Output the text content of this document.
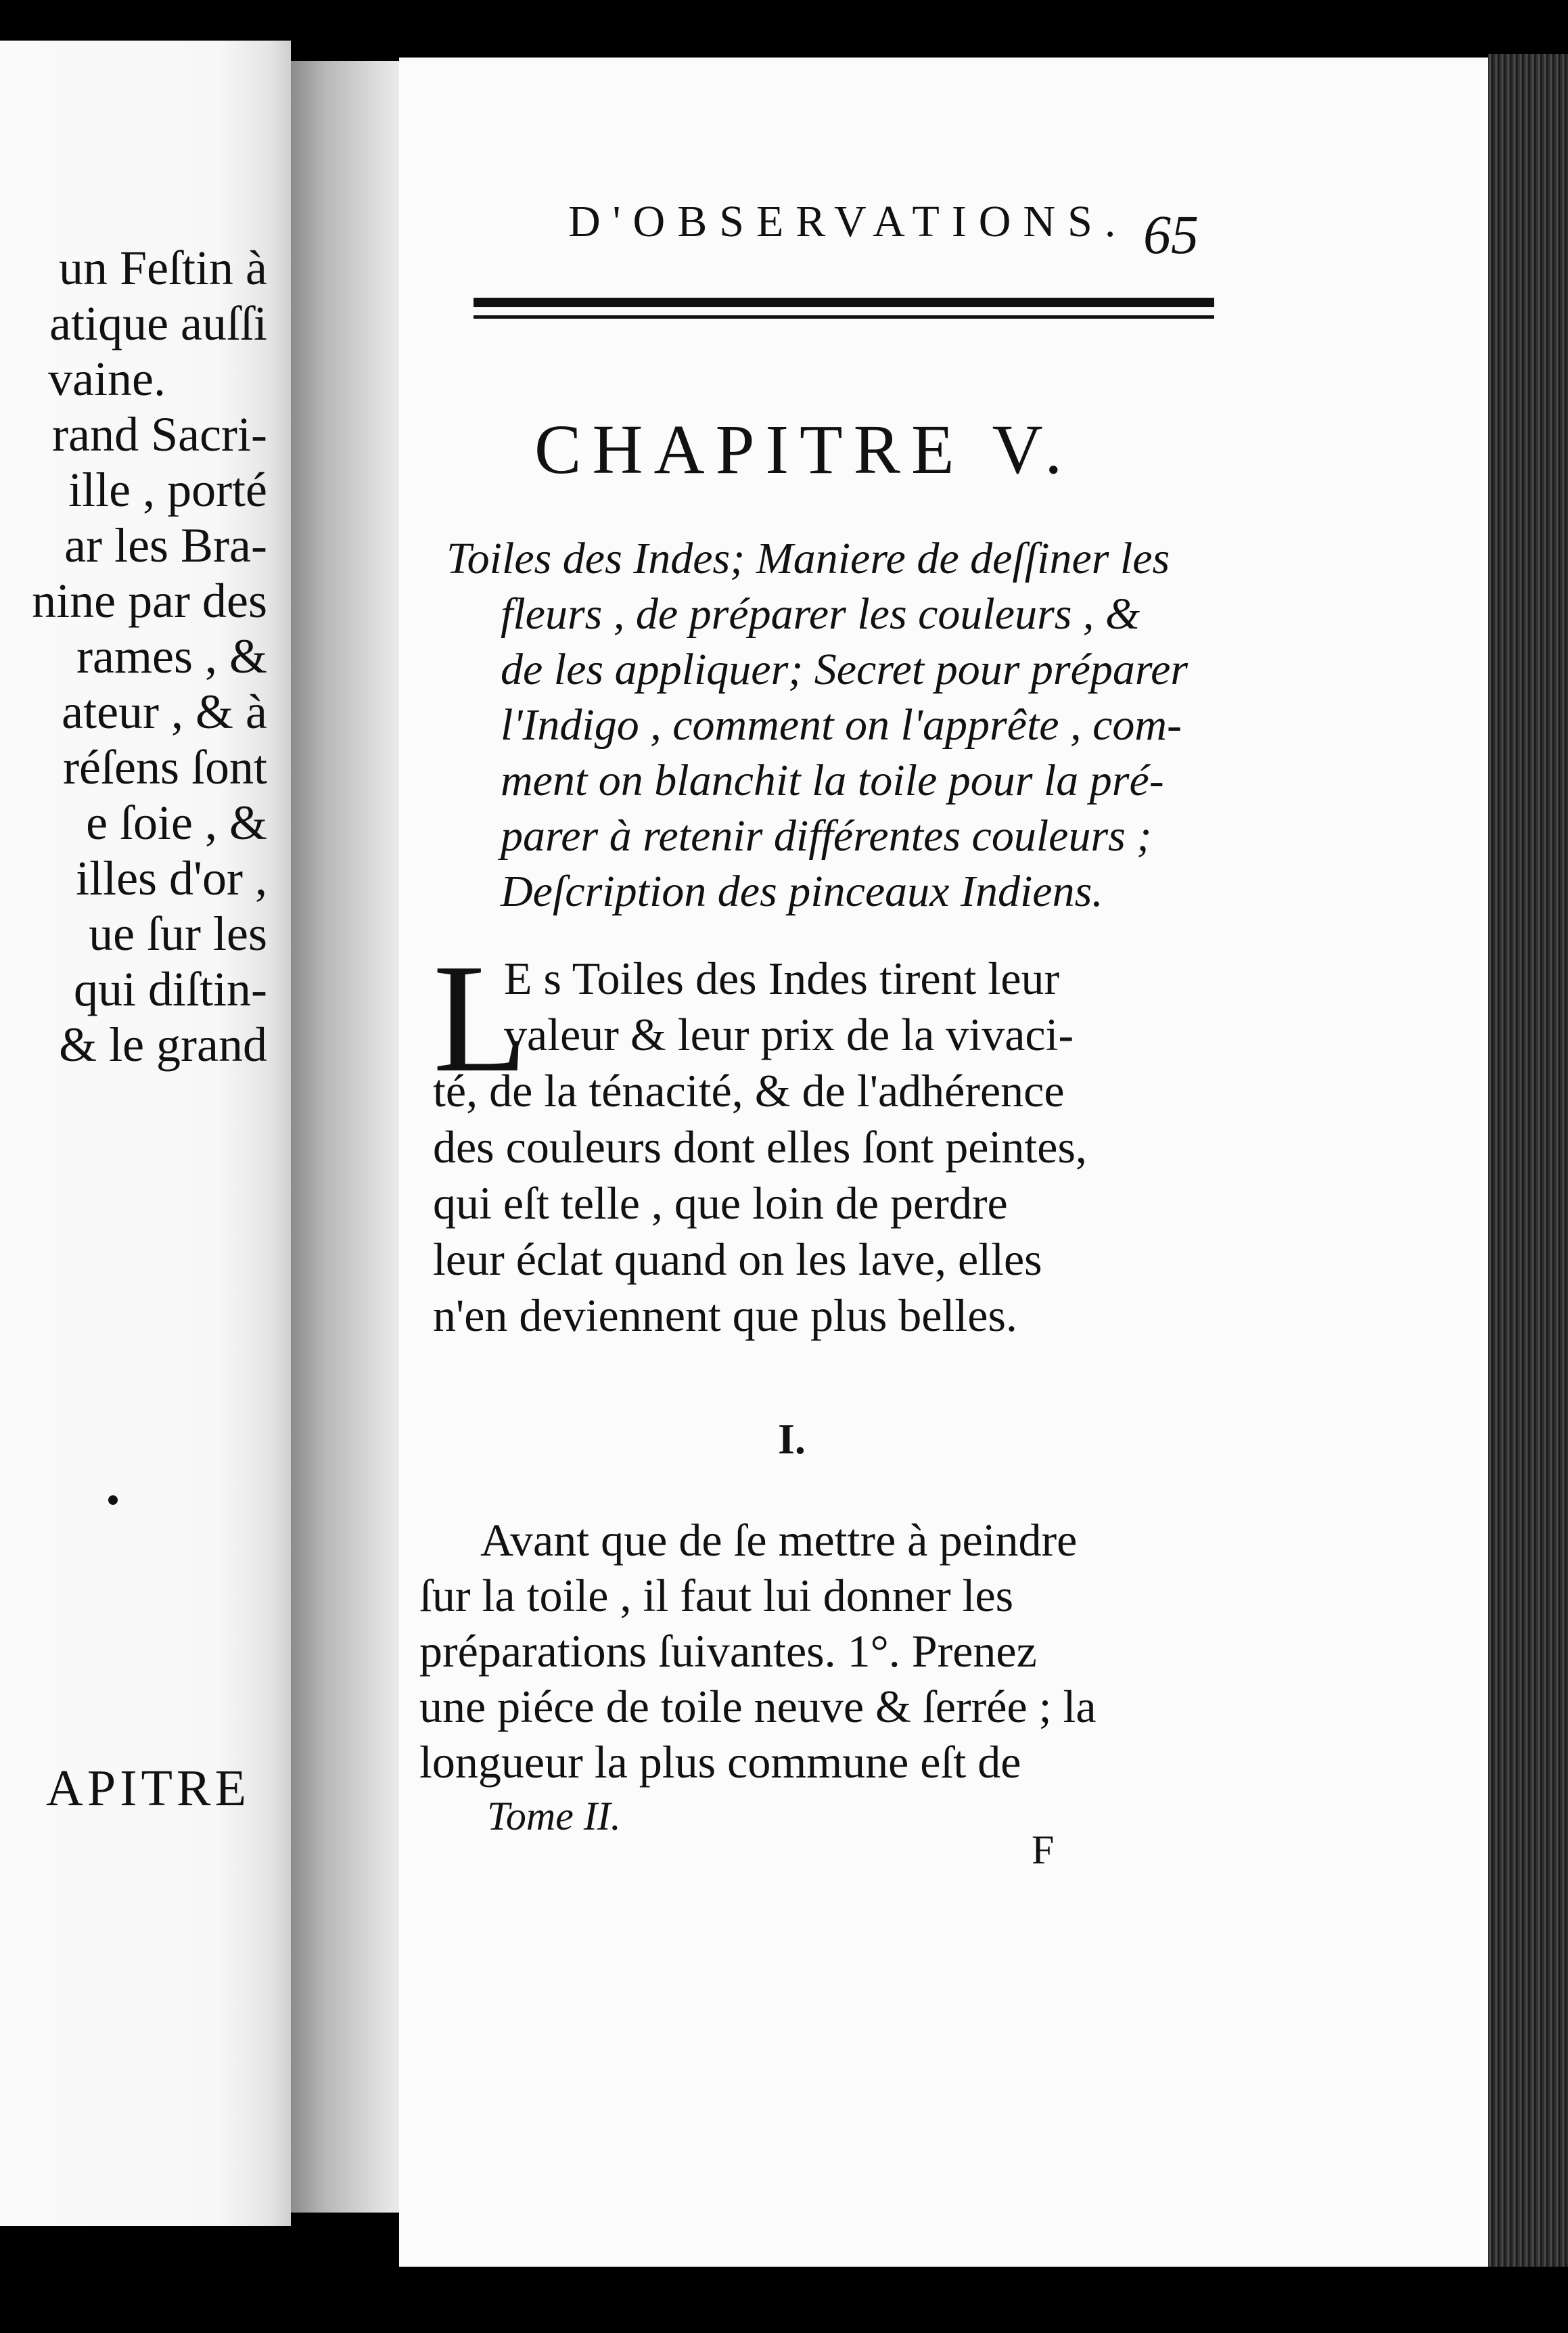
un Feſtin à
atique auſſi
vaine.
rand Sacri-
ille , porté
ar les Bra-
nine par des
rames , &
ateur , & à
réſens ſont
e ſoie , &
illes d'or ,
ue ſur les
qui diſtin-
& le grand
APITRE
D'OBSERVATIONS. 65
CHAPITRE V.
Toiles des Indes; Maniere de deſſiner les
fleurs , de préparer les couleurs , &
de les appliquer; Secret pour préparer
l'Indigo , comment on l'apprête , com-
ment on blanchit la toile pour la pré-
parer à retenir différentes couleurs ;
Deſcription des pinceaux Indiens.
L
E s Toiles des Indes tirent leur
valeur & leur prix de la vivaci-
té, de la ténacité, & de l'adhérence
des couleurs dont elles ſont peintes,
qui eſt telle , que loin de perdre
leur éclat quand on les lave, elles
n'en deviennent que plus belles.
I.
Avant que de ſe mettre à peindre
ſur la toile , il faut lui donner les
préparations ſuivantes. 1°. Prenez
une piéce de toile neuve & ſerrée ; la
longueur la plus commune eſt de
Tome II.
F
